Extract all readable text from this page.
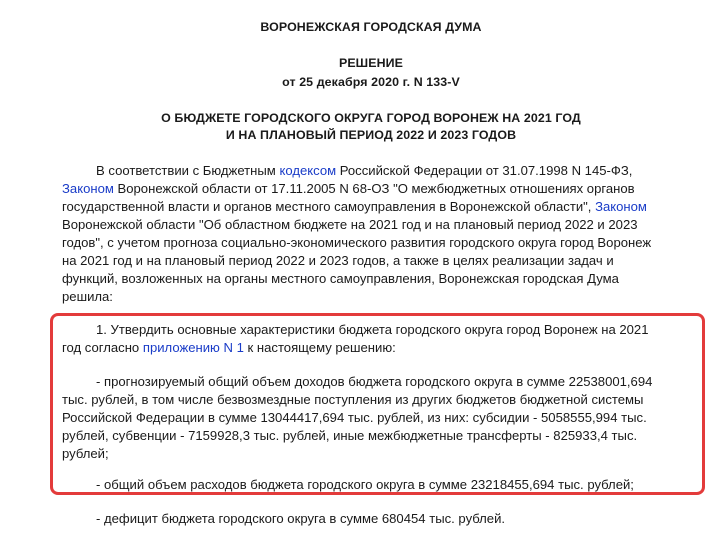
ВОРОНЕЖСКАЯ ГОРОДСКАЯ ДУМА
РЕШЕНИЕ
от 25 декабря 2020 г. N 133-V
О БЮДЖЕТЕ ГОРОДСКОГО ОКРУГА ГОРОД ВОРОНЕЖ НА 2021 ГОД
И НА ПЛАНОВЫЙ ПЕРИОД 2022 И 2023 ГОДОВ

В соответствии с Бюджетным кодексом Российской Федерации от 31.07.1998 N 145-ФЗ,

Законом Воронежской области от 17.11.2005 N 68-ОЗ "О межбюджетных отношениях органов

государственной власти и органов местного самоуправления в Воронежской области", Законом

Воронежской области "Об областном бюджете на 2021 год и на плановый период 2022 и 2023

годов", с учетом прогноза социально-экономического развития городского округа город Воронеж

на 2021 год и на плановый период 2022 и 2023 годов, а также в целях реализации задач и

функций, возложенных на органы местного самоуправления, Воронежская городская Дума

решила:

1. Утвердить основные характеристики бюджета городского округа город Воронеж на 2021

год согласно приложению N 1 к настоящему решению:

- прогнозируемый общий объем доходов бюджета городского округа в сумме 22538001,694

тыс. рублей, в том числе безвозмездные поступления из других бюджетов бюджетной системы

Российской Федерации в сумме 13044417,694 тыс. рублей, из них: субсидии - 5058555,994 тыс.

рублей, субвенции - 7159928,3 тыс. рублей, иные межбюджетные трансферты - 825933,4 тыс.

рублей;

- общий объем расходов бюджета городского округа в сумме 23218455,694 тыс. рублей;

- дефицит бюджета городского округа в сумме 680454 тыс. рублей.
